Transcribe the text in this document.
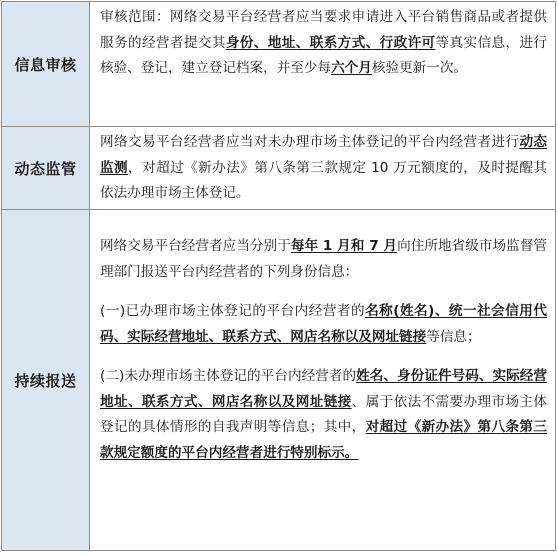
信息审核

审核范围：网络交易平台经营者应当要求申请进入平台销售商品或者提供服务的经营者提交其身份、地址、联系方式、行政许可等真实信息，进行核验、登记，建立登记档案，并至少每六个月核验更新一次。

动态监管

网络交易平台经营者应当对未办理市场主体登记的平台内经营者进行动态监测，对超过《新办法》第八条第三款规定 10 万元额度的，及时提醒其依法办理市场主体登记。

持续报送

网络交易平台经营者应当分别于每年 1 月和 7 月向住所地省级市场监督管理部门报送平台内经营者的下列身份信息：

(一)已办理市场主体登记的平台内经营者的名称(姓名)、统一社会信用代码、实际经营地址、联系方式、网店名称以及网址链接等信息；

(二)未办理市场主体登记的平台内经营者的姓名、身份证件号码、实际经营地址、联系方式、网店名称以及网址链接、属于依法不需要办理市场主体登记的具体情形的自我声明等信息；其中，对超过《新办法》第八条第三款规定额度的平台内经营者进行特别标示。
